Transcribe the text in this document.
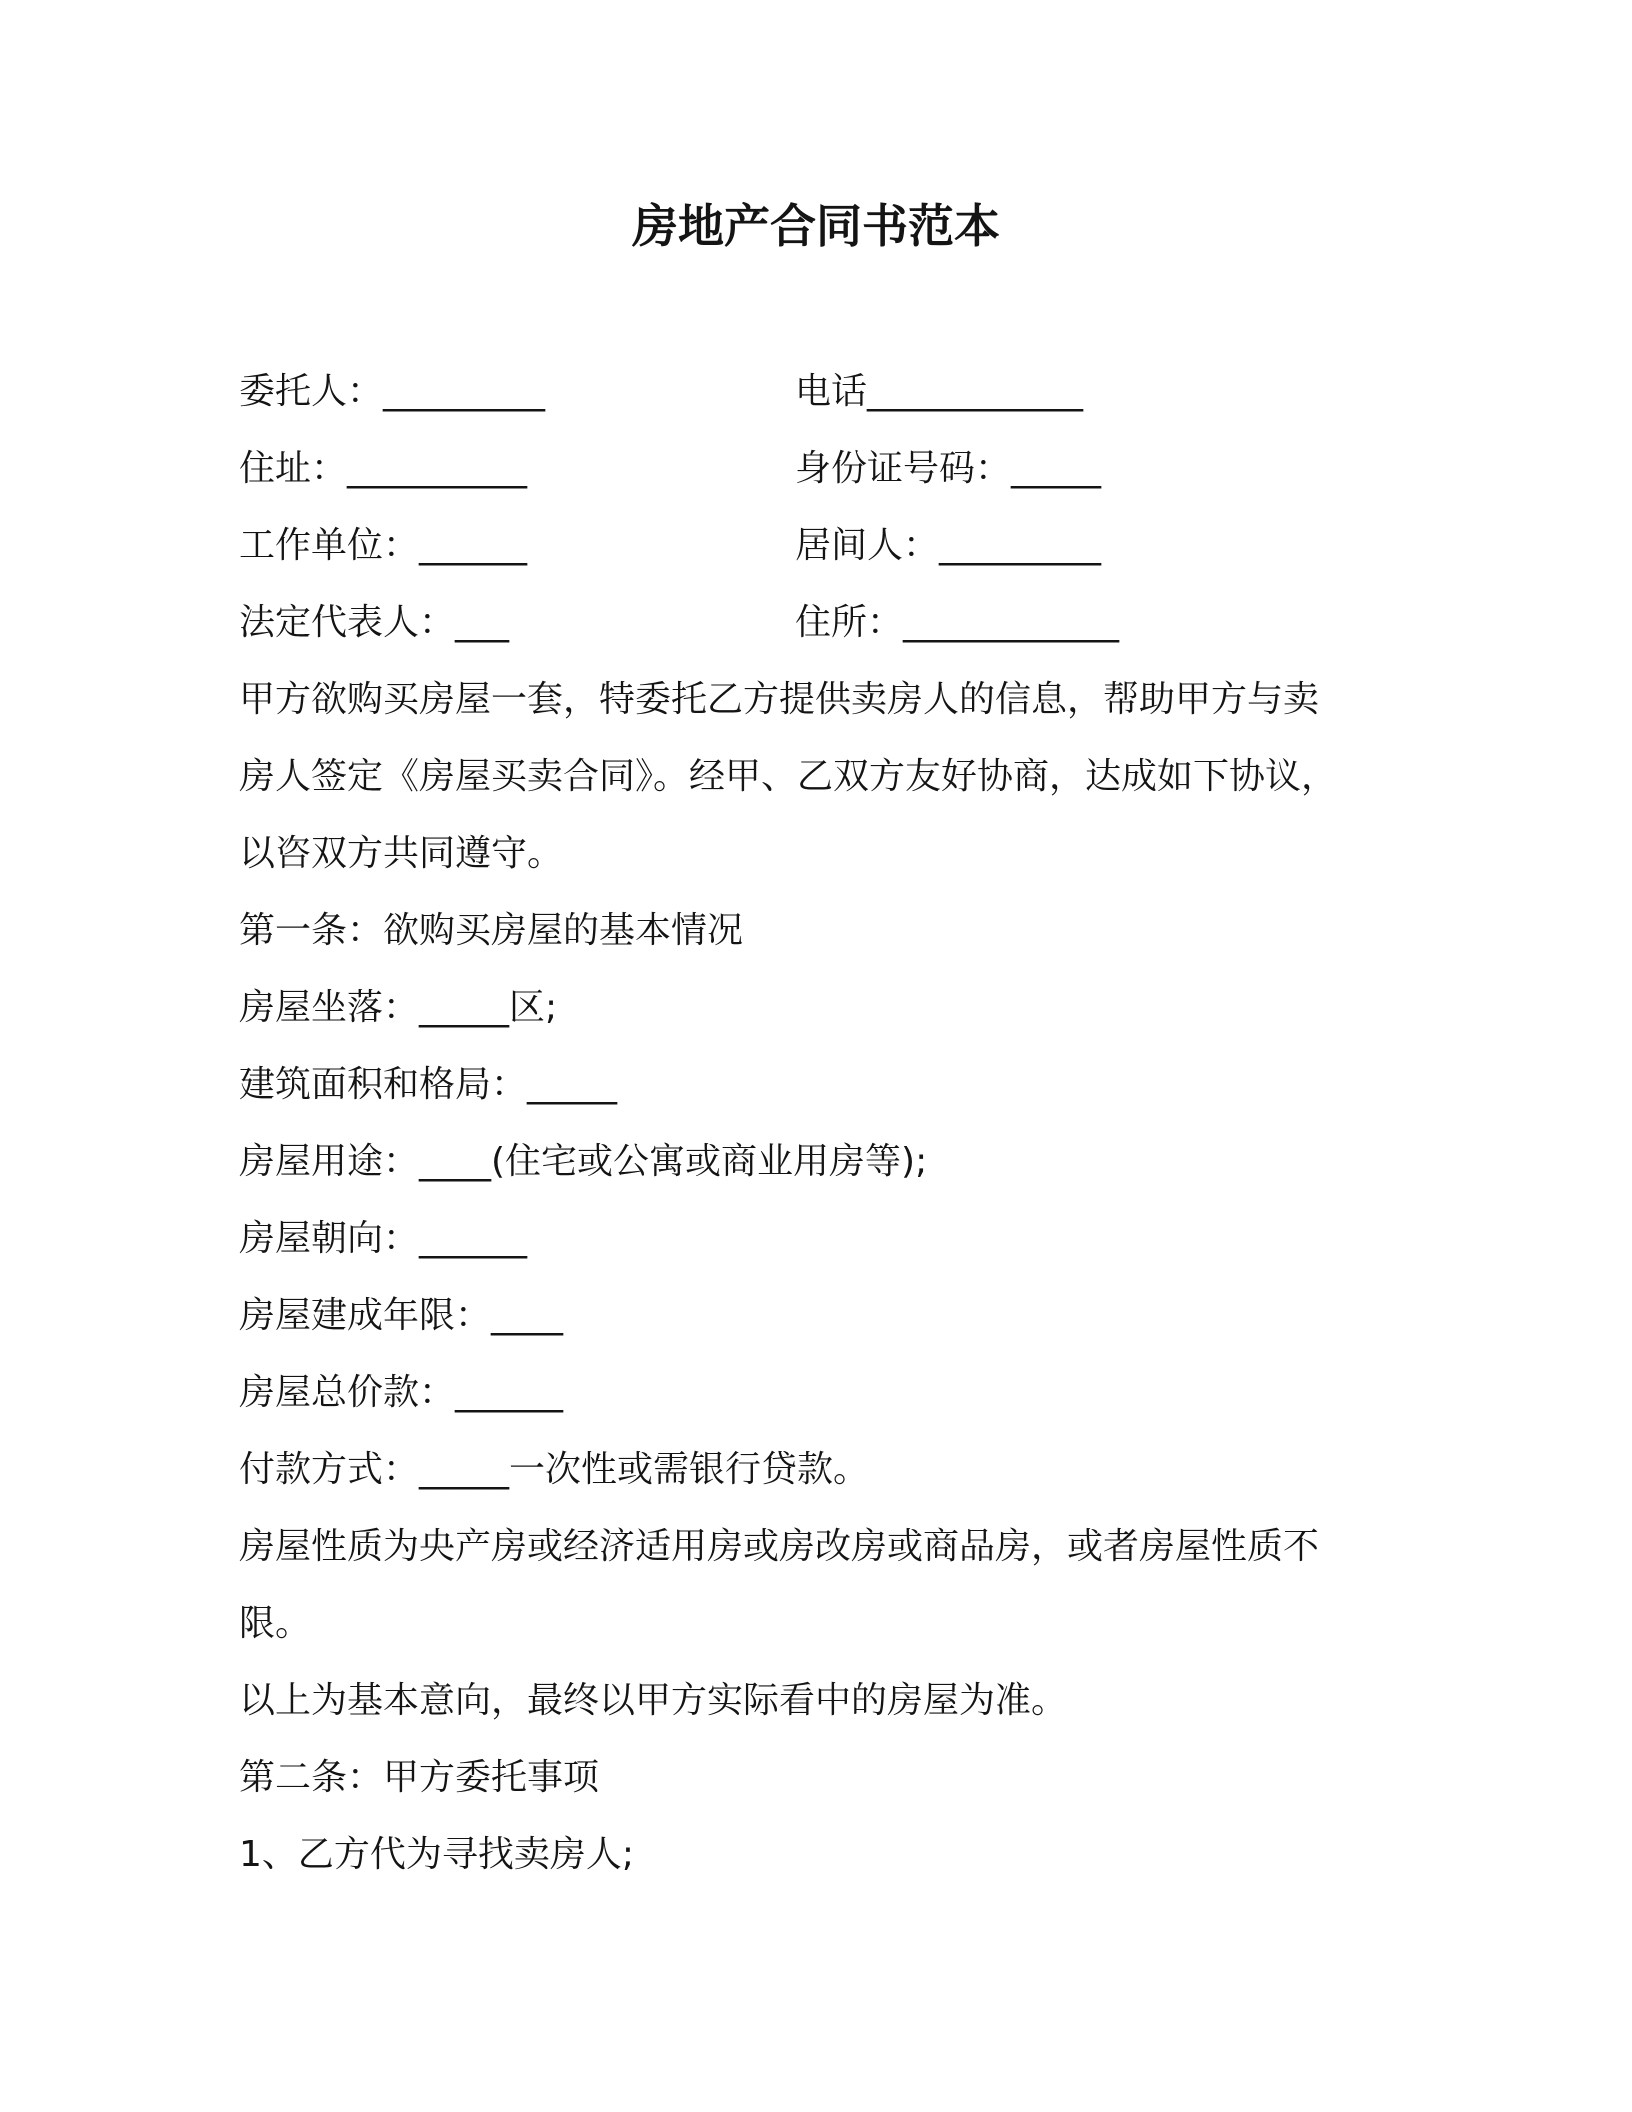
房地产合同书范本
委托人：_________	电话____________
住址：__________	身份证号码：_____
工作单位：______	居间人：_________
法定代表人：___	住所：____________
甲方欲购买房屋一套，特委托乙方提供卖房人的信息，帮助甲方与卖
房人签定《房屋买卖合同》。经甲、乙双方友好协商，达成如下协议，
以咨双方共同遵守。
第一条：欲购买房屋的基本情况
房屋坐落：_____区;
建筑面积和格局：_____
房屋用途：____(住宅或公寓或商业用房等);
房屋朝向：______
房屋建成年限：____
房屋总价款：______
付款方式：_____一次性或需银行贷款。
房屋性质为央产房或经济适用房或房改房或商品房，或者房屋性质不
限。
以上为基本意向，最终以甲方实际看中的房屋为准。
第二条：甲方委托事项
1、乙方代为寻找卖房人;
